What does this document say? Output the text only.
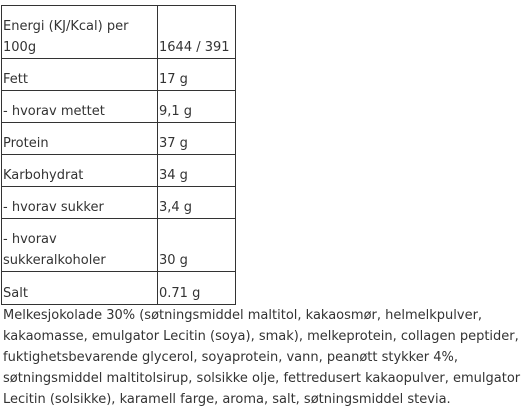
Energi (KJ/Kcal) per
100g	1644 / 391
Fett	17 g
- hvorav mettet	9,1 g
Protein	37 g
Karbohydrat	34 g
- hvorav sukker	3,4 g
- hvorav
sukkeralkoholer	30 g
Salt	0.71 g

Melkesjokolade 30% (søtningsmiddel maltitol, kakaosmør, helmelkpulver,
kakaomasse, emulgator Lecitin (soya), smak), melkeprotein, collagen peptider,
fuktighetsbevarende glycerol, soyaprotein, vann, peanøtt stykker 4%,
søtningsmiddel maltitolsirup, solsikke olje, fettredusert kakaopulver, emulgator
Lecitin (solsikke), karamell farge, aroma, salt, søtningsmiddel stevia.
